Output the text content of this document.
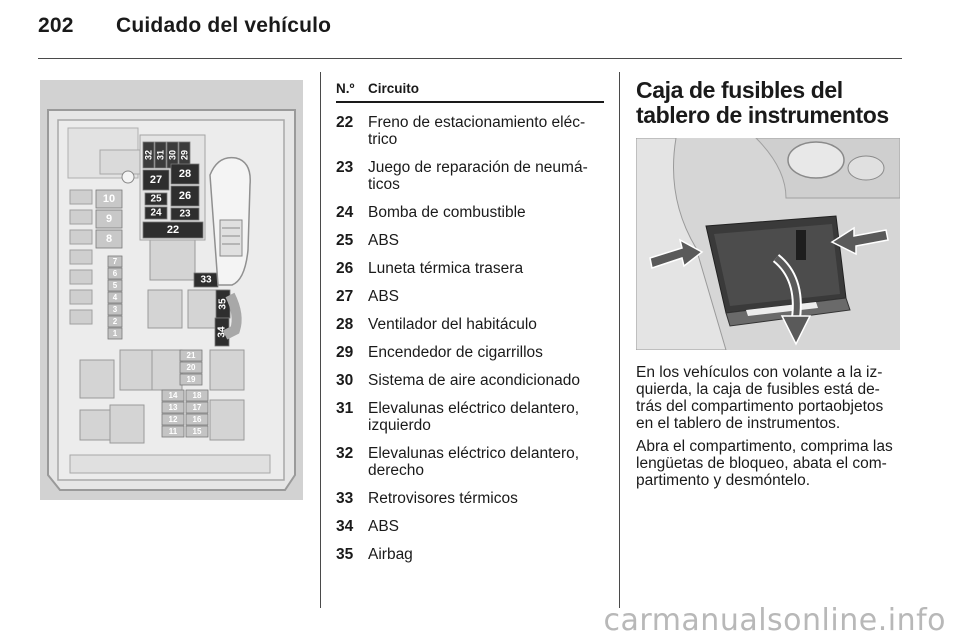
202 Cuidado del vehículo
10
9
8
7
6
5
4
3
2
1
32 31 30 29
27 28
26
25
24 23
22
33
35
34
21
20
19
18
17
16
15
14
13
12
11
N.º	Circuito
22 Freno de estacionamiento eléc-
trico
23 Juego de reparación de neumá-
ticos
24 Bomba de combustible
25 ABS
26 Luneta térmica trasera
27 ABS
28 Ventilador del habitáculo
29 Encendedor de cigarrillos
30 Sistema de aire acondicionado
31 Elevalunas eléctrico delantero,
izquierdo
32 Elevalunas eléctrico delantero,
derecho
33 Retrovisores térmicos
34 ABS
35 Airbag
Caja de fusibles del tablero de instrumentos

En los vehículos con volante a la iz-
quierda, la caja de fusibles está de-
trás del compartimento portaobjetos
en el tablero de instrumentos.

Abra el compartimento, comprima las
lengüetas de bloqueo, abata el com-
partimento y desmóntelo.

carmanualsonline.info
